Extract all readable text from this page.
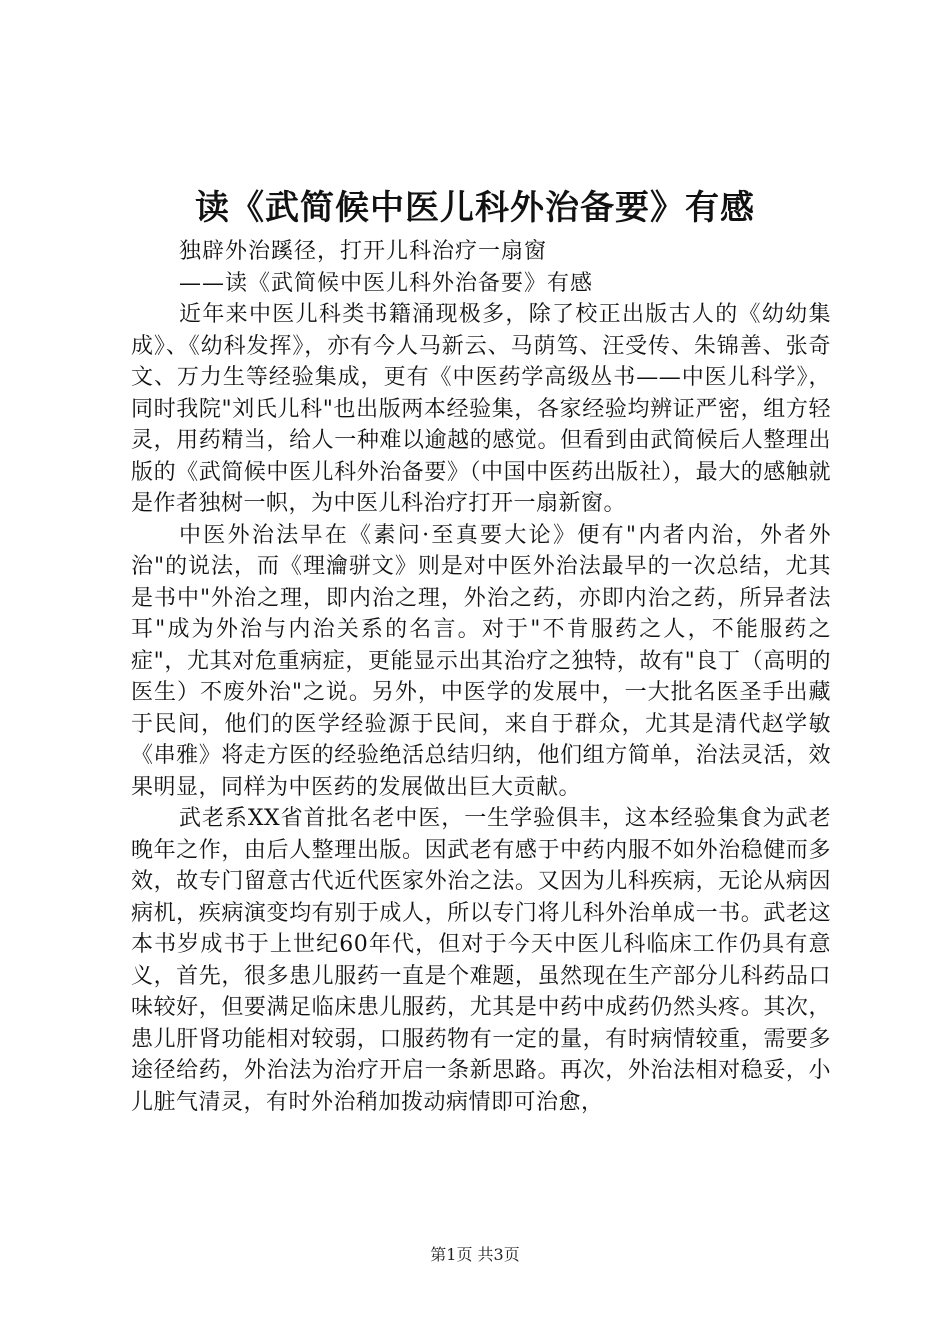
读《武简候中医儿科外治备要》有感

独辟外治蹊径，打开儿科治疗一扇窗

——读《武简候中医儿科外治备要》有感

近年来中医儿科类书籍涌现极多，除了校正出版古人的《幼幼集成》、《幼科发挥》，亦有今人马新云、马荫笃、汪受传、朱锦善、张奇文、万力生等经验集成，更有《中医药学高级丛书——中医儿科学》，同时我院"刘氏儿科"也出版两本经验集，各家经验均辨证严密，组方轻灵，用药精当，给人一种难以逾越的感觉。但看到由武简候后人整理出版的《武简候中医儿科外治备要》（中国中医药出版社），最大的感触就是作者独树一帜，为中医儿科治疗打开一扇新窗。

中医外治法早在《素问·至真要大论》便有"内者内治，外者外治"的说法，而《理瀹骈文》则是对中医外治法最早的一次总结，尤其是书中"外治之理，即内治之理，外治之药，亦即内治之药，所异者法耳"成为外治与内治关系的名言。对于"不肯服药之人，不能服药之症"，尤其对危重病症，更能显示出其治疗之独特，故有"良丁（高明的医生）不废外治"之说。另外，中医学的发展中，一大批名医圣手出藏于民间，他们的医学经验源于民间，来自于群众，尤其是清代赵学敏《串雅》将走方医的经验绝活总结归纳，他们组方简单，治法灵活，效果明显，同样为中医药的发展做出巨大贡献。

武老系XX省首批名老中医，一生学验俱丰，这本经验集食为武老晚年之作，由后人整理出版。因武老有感于中药内服不如外治稳健而多效，故专门留意古代近代医家外治之法。又因为儿科疾病，无论从病因病机，疾病演变均有别于成人，所以专门将儿科外治单成一书。武老这本书岁成书于上世纪60年代，但对于今天中医儿科临床工作仍具有意义，首先，很多患儿服药一直是个难题，虽然现在生产部分儿科药品口味较好，但要满足临床患儿服药，尤其是中药中成药仍然头疼。其次，患儿肝肾功能相对较弱，口服药物有一定的量，有时病情较重，需要多途径给药，外治法为治疗开启一条新思路。再次，外治法相对稳妥，小儿脏气清灵，有时外治稍加拨动病情即可治愈，

第1页 共3页
